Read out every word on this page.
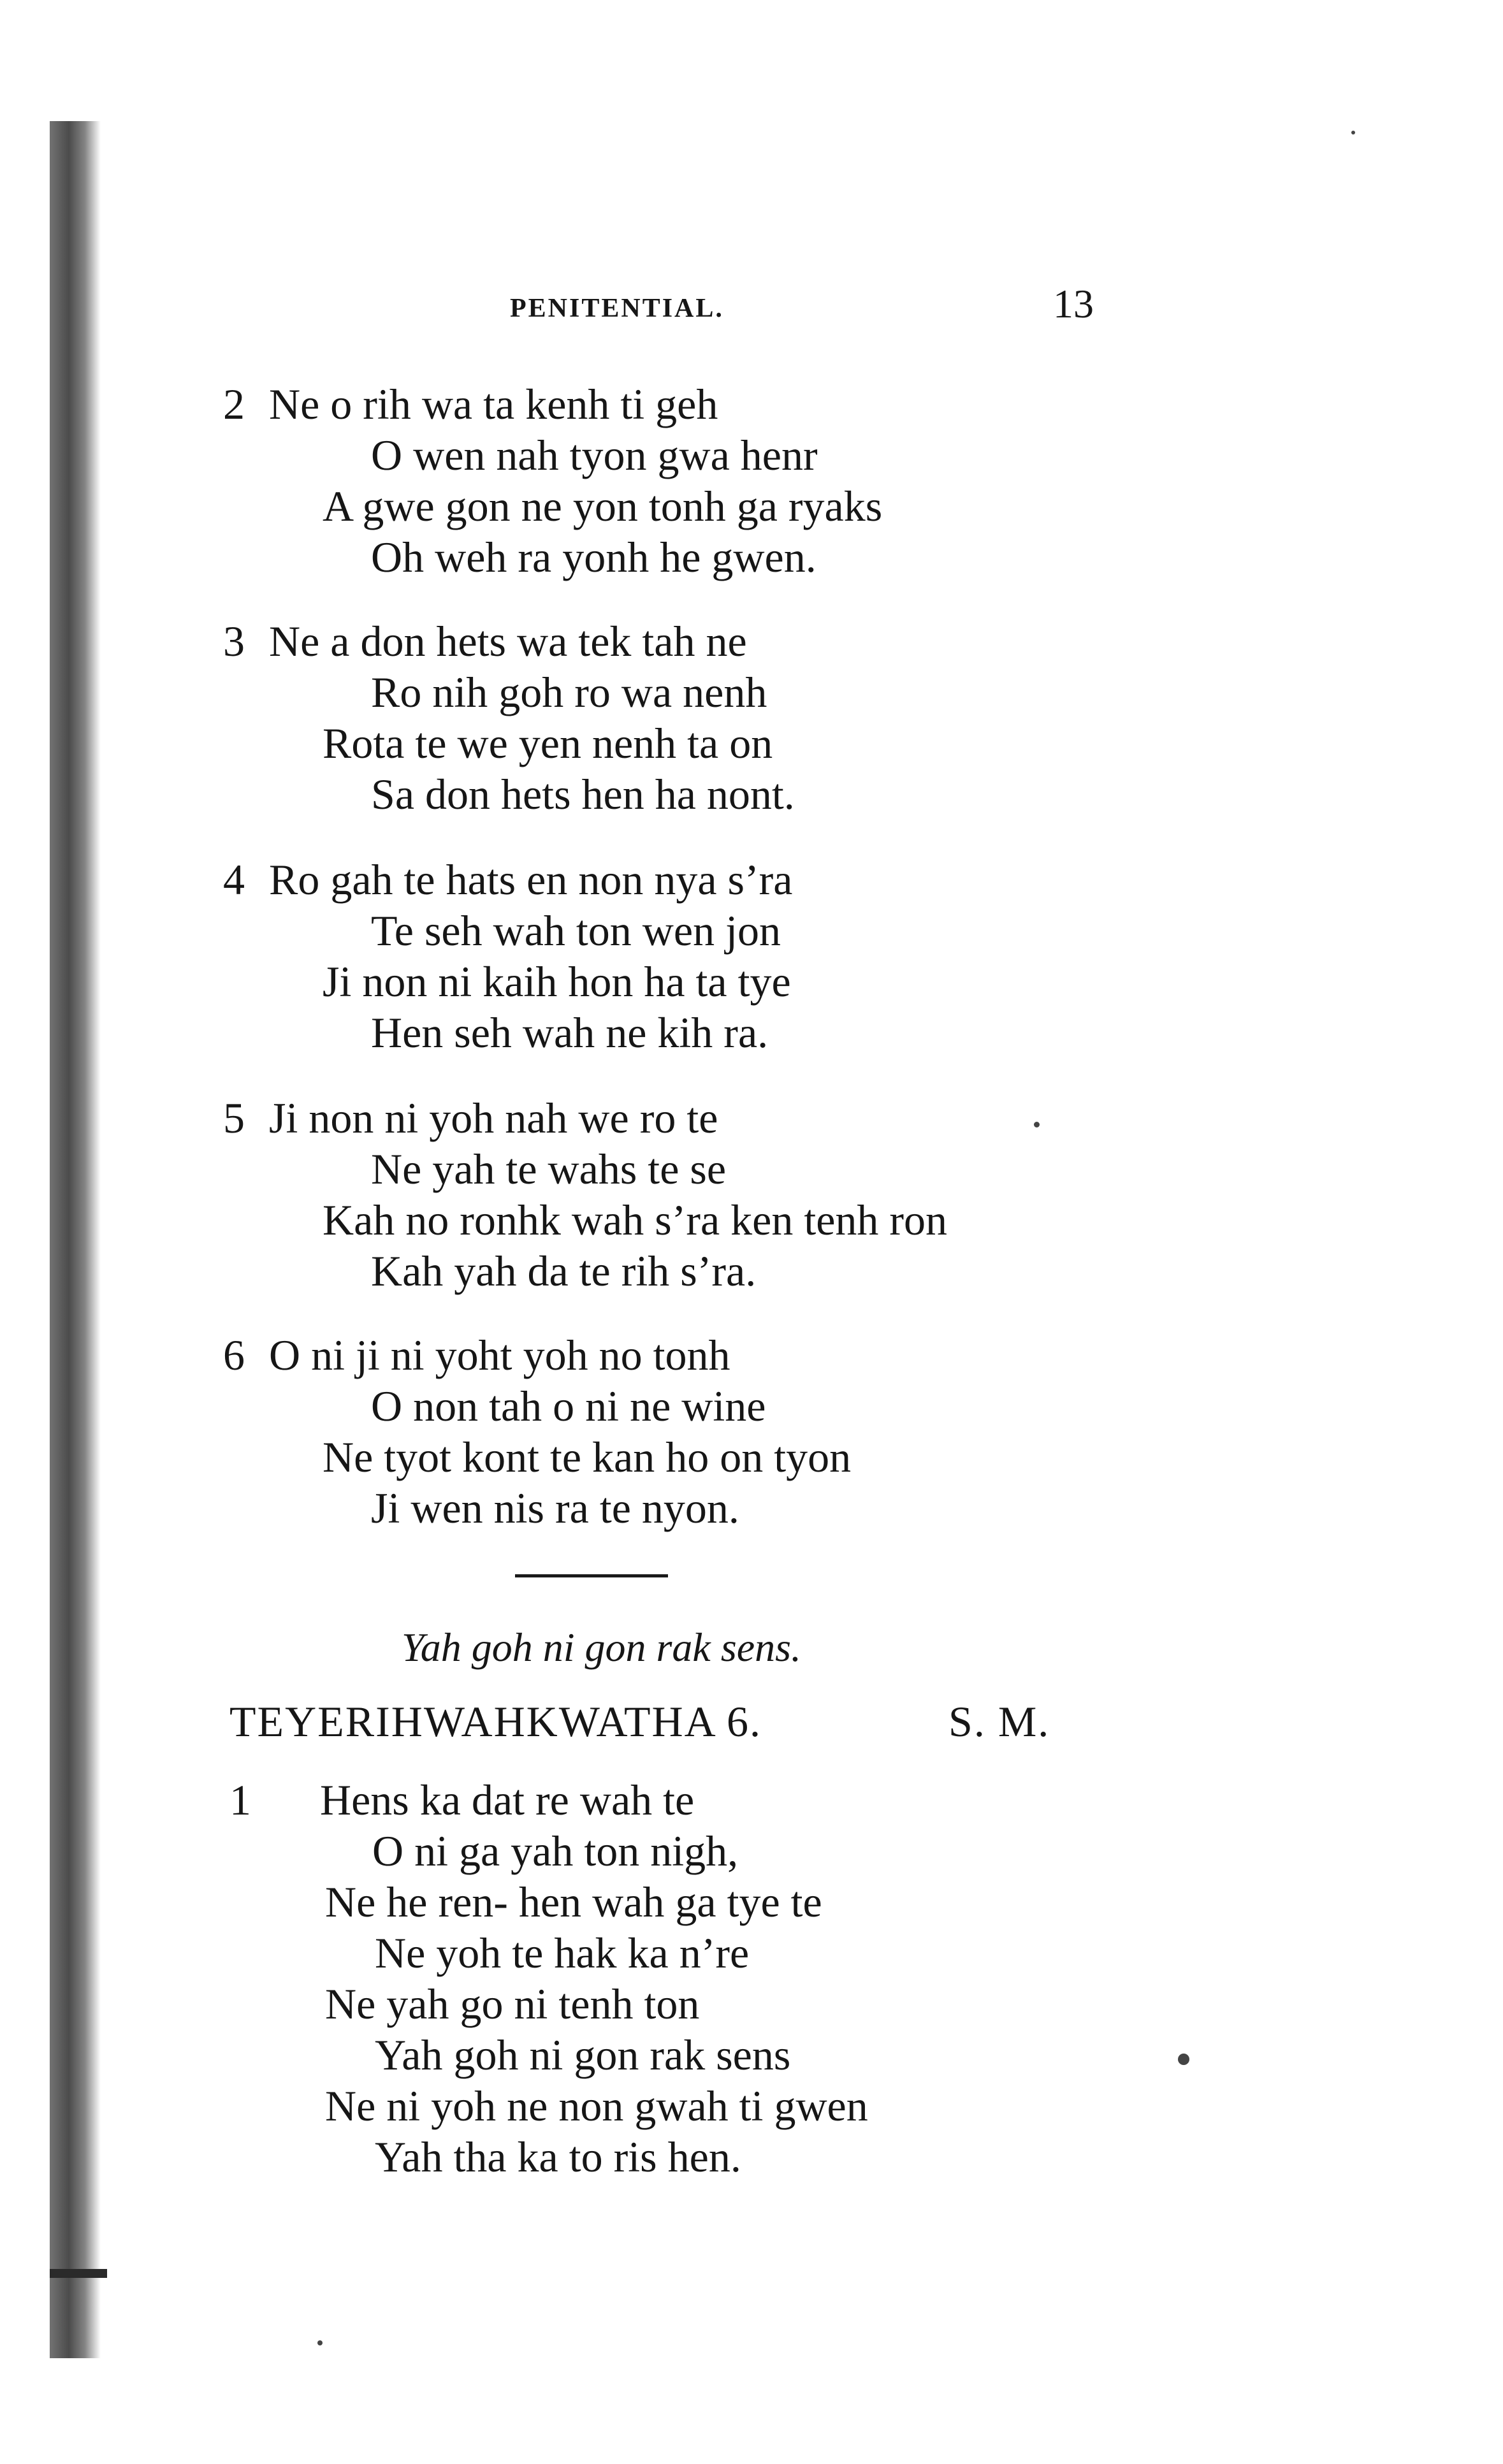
PENITENTIAL.	13
2 Ne o rih wa ta kenh ti geh
O wen nah tyon gwa henr
A gwe gon ne yon tonh ga ryaks
Oh weh ra yonh he gwen.
3 Ne a don hets wa tek tah ne
Ro nih goh ro wa nenh
Rota te we yen nenh ta on
Sa don hets hen ha nont.
4 Ro gah te hats en non nya s’ra
Te seh wah ton wen jon
Ji non ni kaih hon ha ta tye
Hen seh wah ne kih ra.
5 Ji non ni yoh nah we ro te
Ne yah te wahs te se
Kah no ronhk wah s’ra ken tenh ron
Kah yah da te rih s’ra.
6 O ni ji ni yoht yoh no tonh
O non tah o ni ne wine
Ne tyot kont te kan ho on tyon
Ji wen nis ra te nyon.
Yah goh ni gon rak sens.
TEYERIHWAHKWATHA 6.	S. M.
1 Hens ka dat re wah te
O ni ga yah ton nigh,
Ne he ren- hen wah ga tye te
Ne yoh te hak ka n’re
Ne yah go ni tenh ton
Yah goh ni gon rak sens
Ne ni yoh ne non gwah ti gwen
Yah tha ka to ris hen.
